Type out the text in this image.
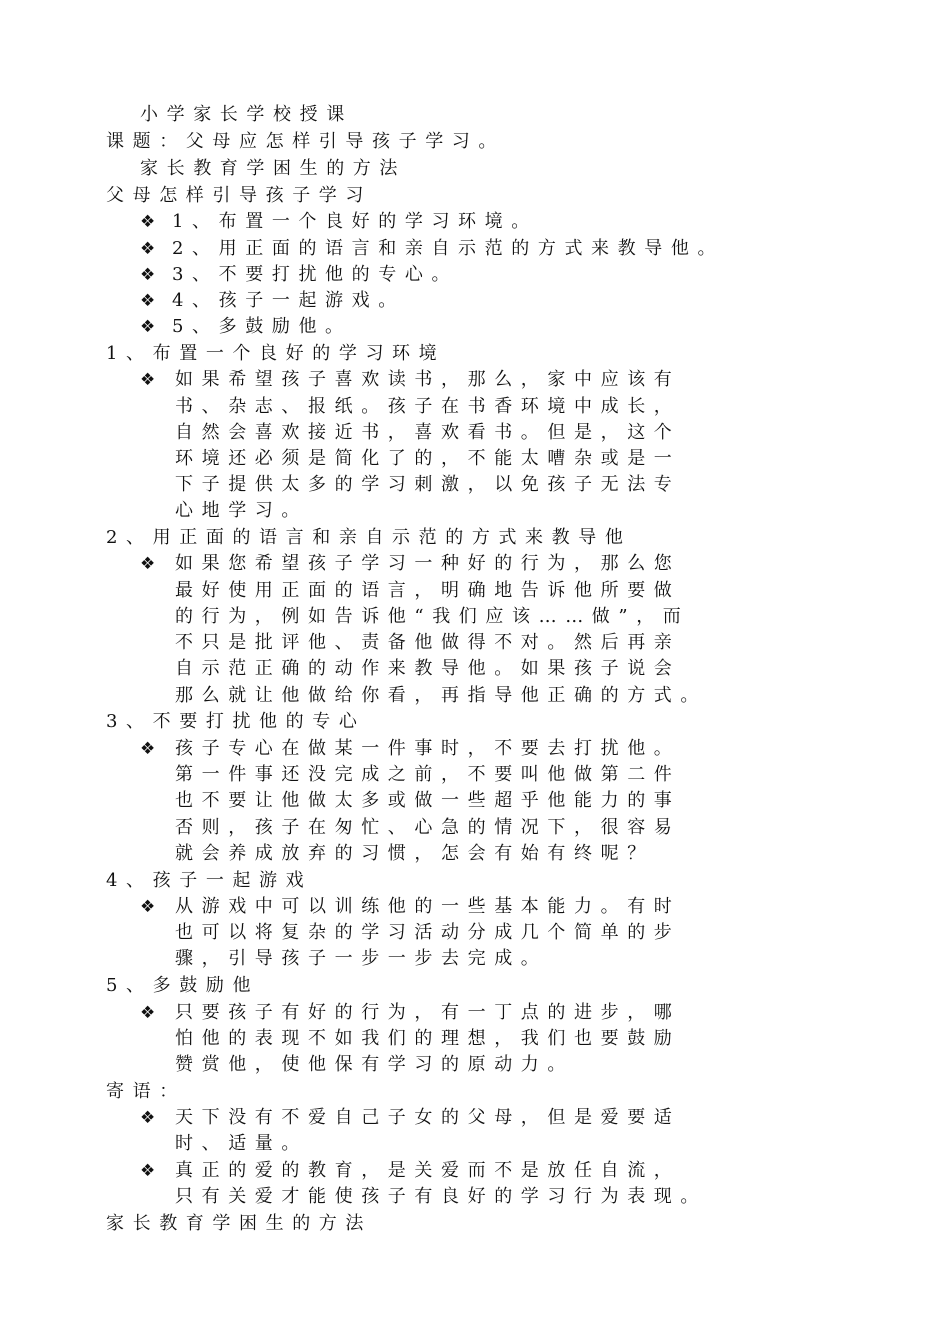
小学家长学校授课
课题：父母应怎样引导孩子学习。
家长教育学困生的方法
父母怎样引导孩子学习
❖ 1、布置一个良好的学习环境。
❖ 2、用正面的语言和亲自示范的方式来教导他。
❖ 3、不要打扰他的专心。
❖ 4、孩子一起游戏。
❖ 5、多鼓励他。
1、布置一个良好的学习环境
❖ 如果希望孩子喜欢读书，那么，家中应该有
书、杂志、报纸。孩子在书香环境中成长，
自然会喜欢接近书，喜欢看书。但是，这个
环境还必须是简化了的，不能太嘈杂或是一
下子提供太多的学习刺激，以免孩子无法专
心地学习。
2、用正面的语言和亲自示范的方式来教导他
❖ 如果您希望孩子学习一种好的行为，那么您
最好使用正面的语言，明确地告诉他所要做
的行为，例如告诉他“我们应该……做”，而
不只是批评他、责备他做得不对。然后再亲
自示范正确的动作来教导他。如果孩子说会
那么就让他做给你看，再指导他正确的方式。
3、不要打扰他的专心
❖ 孩子专心在做某一件事时，不要去打扰他。
第一件事还没完成之前，不要叫他做第二件
也不要让他做太多或做一些超乎他能力的事
否则，孩子在匆忙、心急的情况下，很容易
就会养成放弃的习惯，怎会有始有终呢？
4、孩子一起游戏
❖ 从游戏中可以训练他的一些基本能力。有时
也可以将复杂的学习活动分成几个简单的步
骤，引导孩子一步一步去完成。
5、多鼓励他
❖ 只要孩子有好的行为，有一丁点的进步，哪
怕他的表现不如我们的理想，我们也要鼓励
赞赏他，使他保有学习的原动力。
寄语：
❖ 天下没有不爱自己子女的父母，但是爱要适
时、适量。
❖ 真正的爱的教育，是关爱而不是放任自流，
只有关爱才能使孩子有良好的学习行为表现。
家长教育学困生的方法
